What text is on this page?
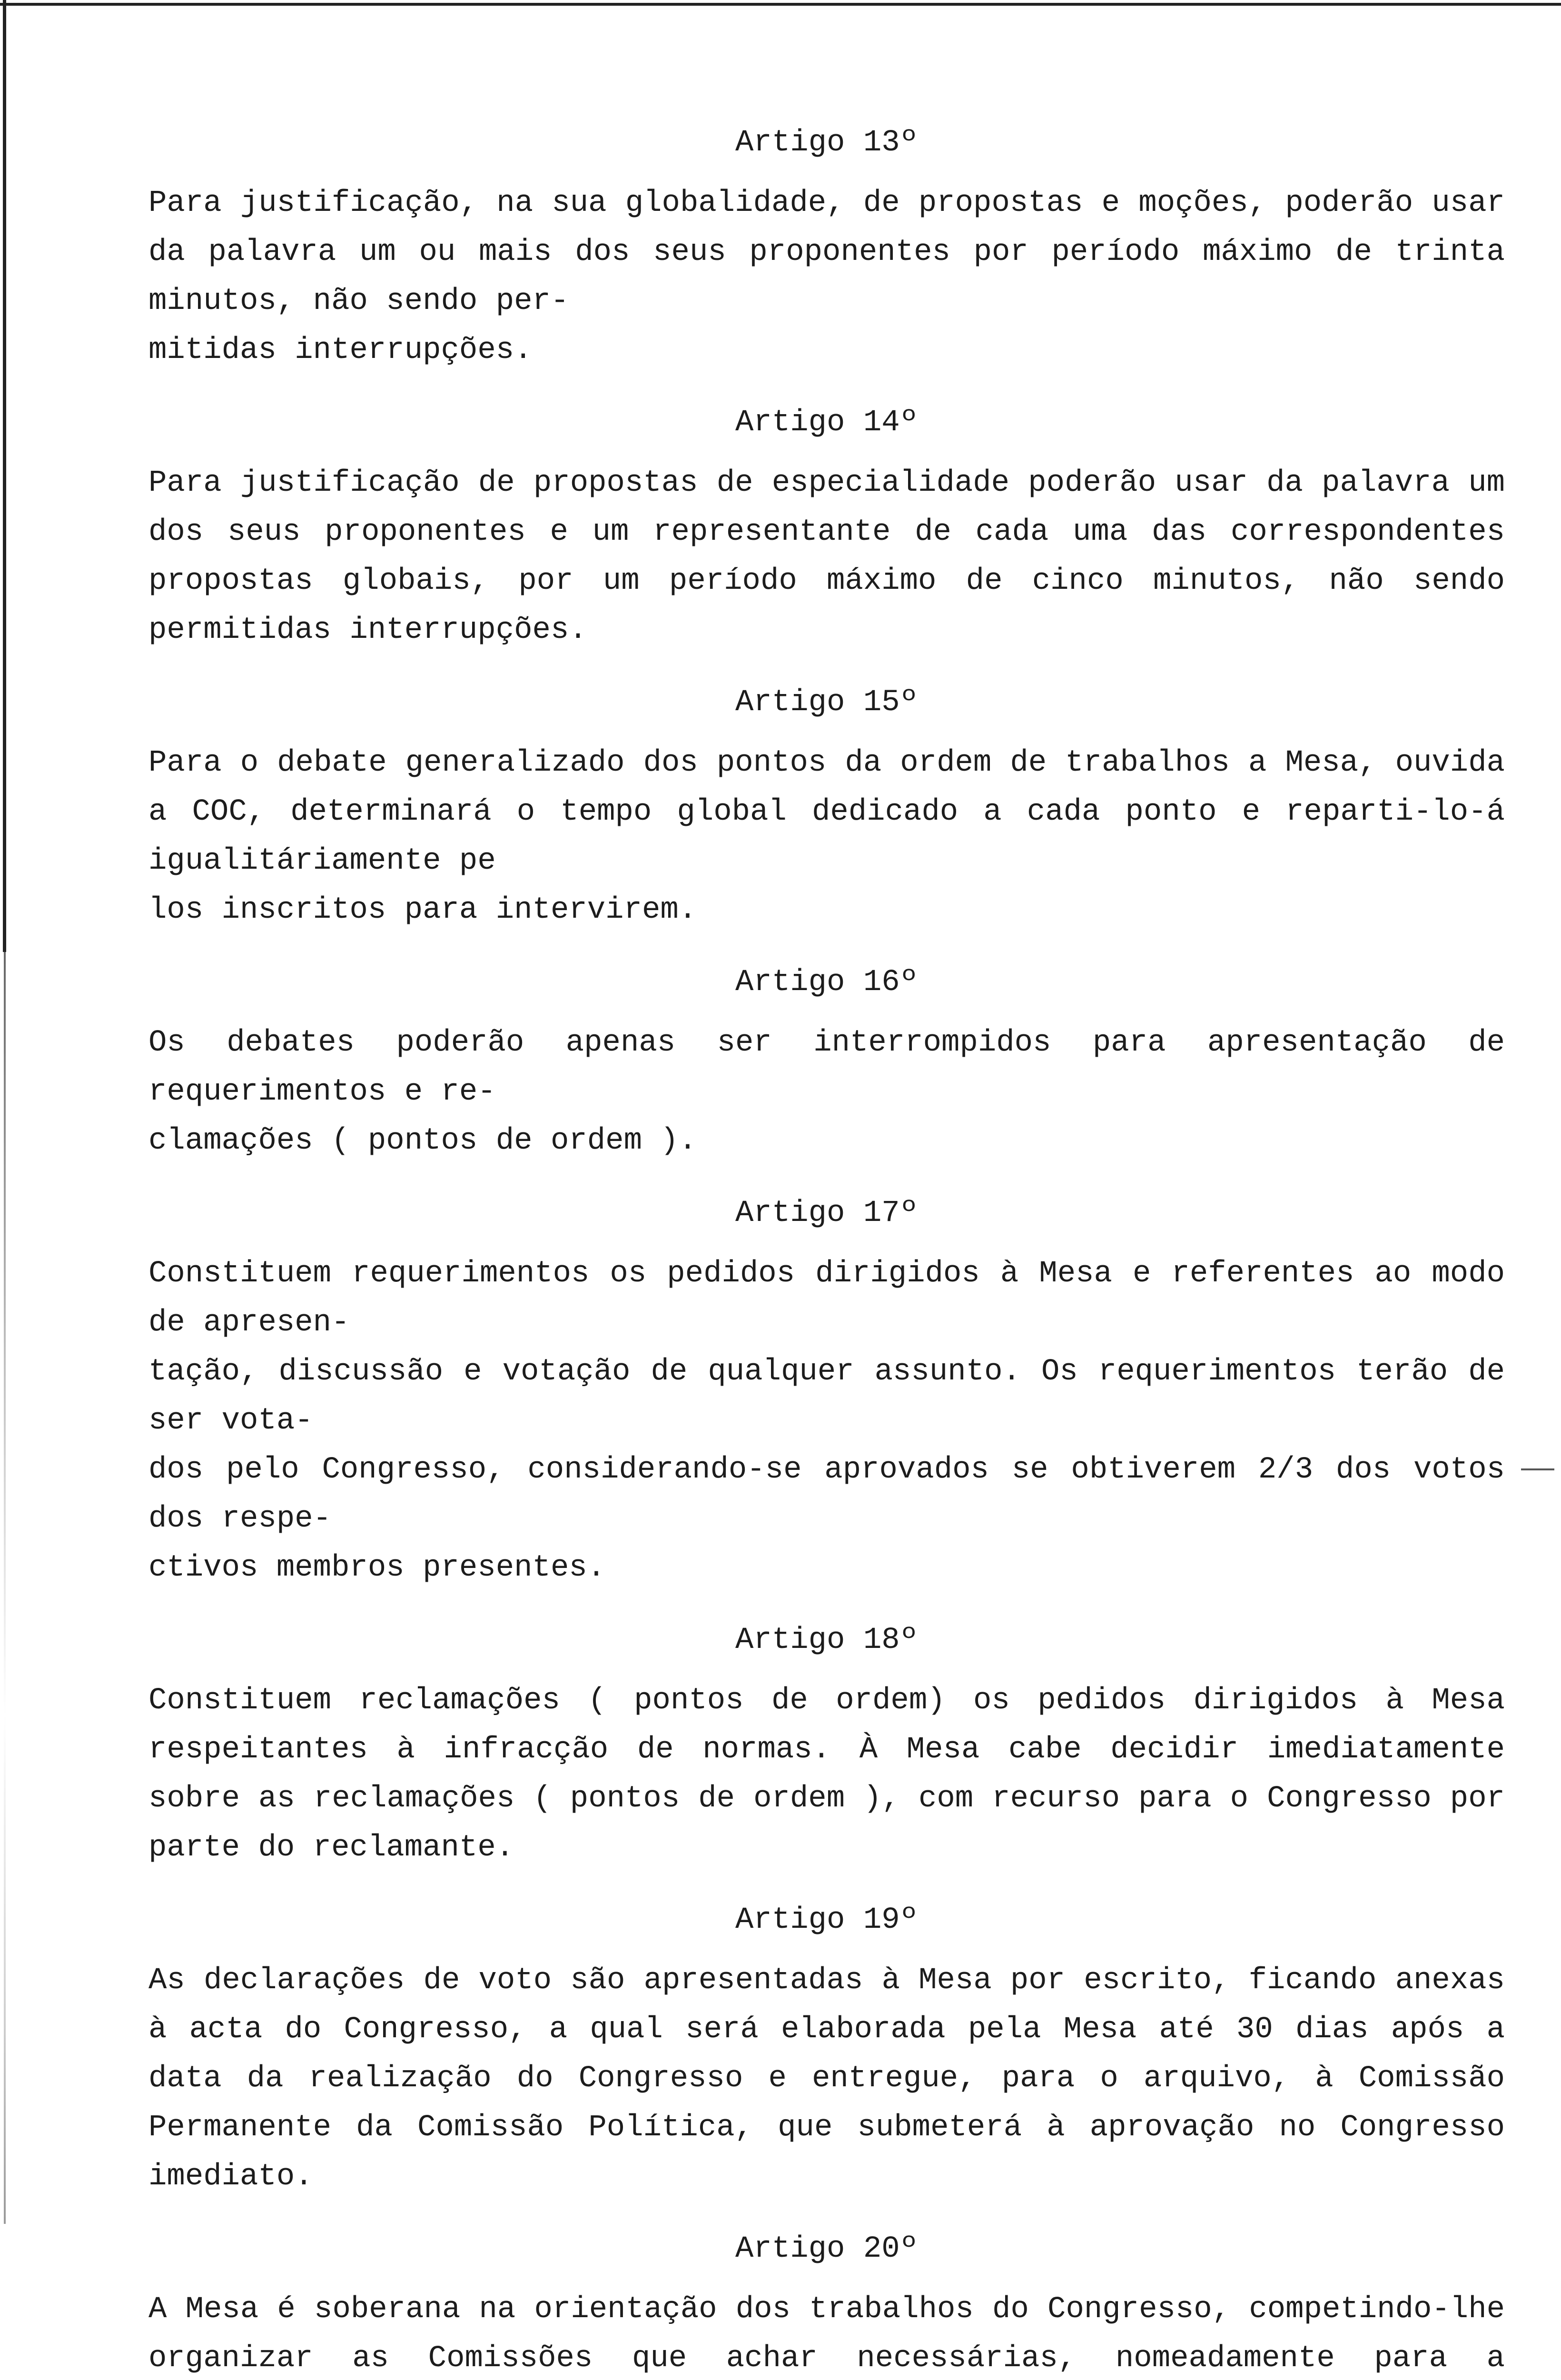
Artigo 13º

Para justificação, na sua globalidade, de propostas e moções, poderão usar da palavra um ou mais dos seus proponentes por período máximo de trinta minutos, não sendo per-
mitidas interrupções.

Artigo 14º

Para justificação de propostas de especialidade poderão usar da palavra um dos seus proponentes e um representante de cada uma das correspondentes propostas globais, por um período máximo de cinco minutos, não sendo permitidas interrupções.

Artigo 15º

Para o debate generalizado dos pontos da ordem de trabalhos a Mesa, ouvida a COC, determinará o tempo global dedicado a cada ponto e reparti-lo-á igualitáriamente pe
los inscritos para intervirem.

Artigo 16º

Os debates poderão apenas ser interrompidos para apresentação de requerimentos e re-
clamações ( pontos de ordem ).

Artigo 17º

Constituem requerimentos os pedidos dirigidos à Mesa e referentes ao modo de apresen-
tação, discussão e votação de qualquer assunto. Os requerimentos terão de ser vota-
dos pelo Congresso, considerando-se aprovados se obtiverem 2/3 dos votos dos respe-
ctivos membros presentes.

Artigo 18º

Constituem reclamações ( pontos de ordem) os pedidos dirigidos à Mesa respeitantes à infracção de normas. À Mesa cabe decidir imediatamente sobre as reclamações ( pontos de ordem ), com recurso para o Congresso por parte do reclamante.

Artigo 19º

As declarações de voto são apresentadas à Mesa por escrito, ficando anexas à acta do Congresso, a qual será elaborada pela Mesa até 30 dias após a data da realização do Congresso e entregue, para o arquivo, à Comissão Permanente da Comissão Política, que submeterá à aprovação no Congresso imediato.

Artigo 20º

A Mesa é soberana na orientação dos trabalhos do Congresso, competindo-lhe organizar as Comissões que achar necessárias, nomeadamente para a
